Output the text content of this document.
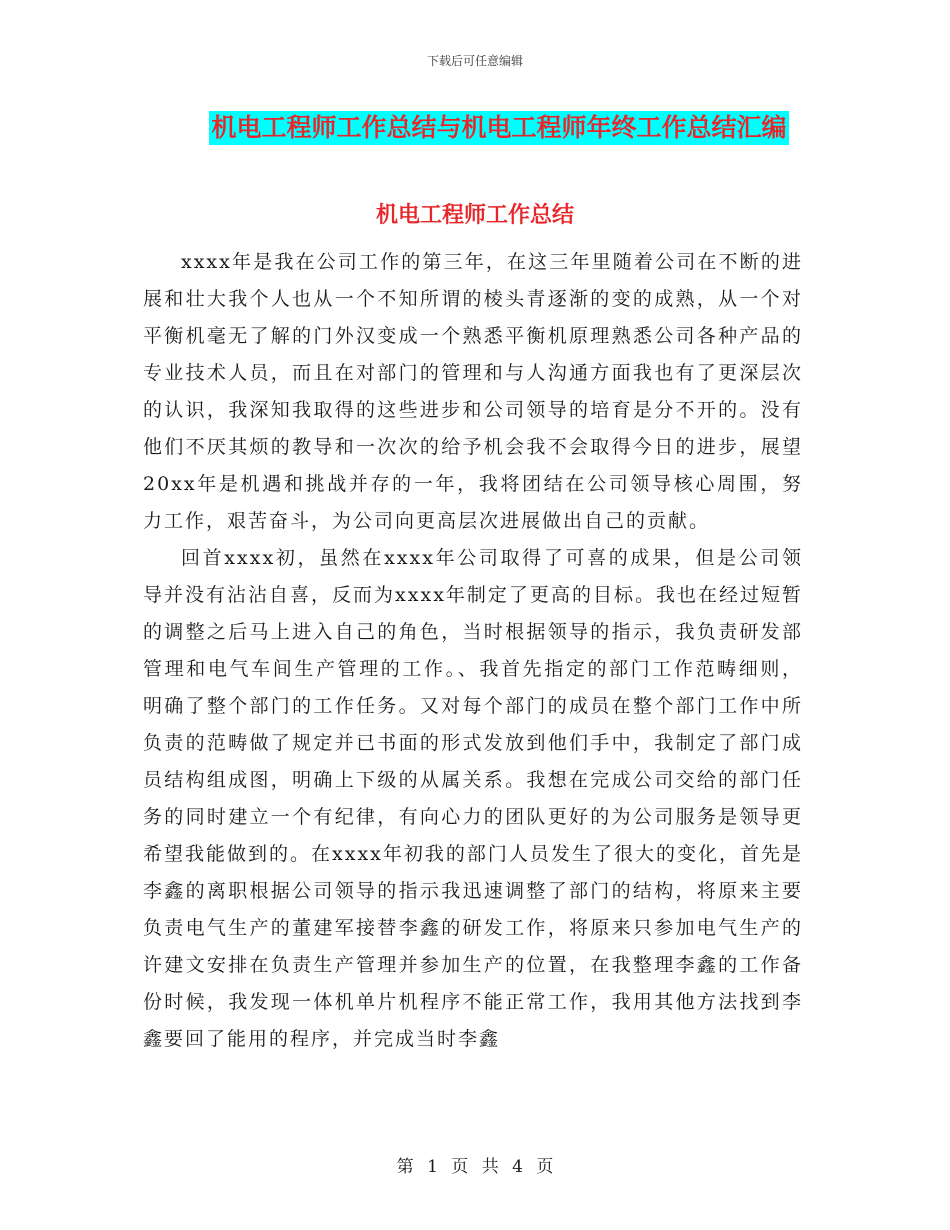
下载后可任意编辑
机电工程师工作总结与机电工程师年终工作总结汇编
机电工程师工作总结

xxxx年是我在公司工作的第三年，在这三年里随着公司在不断的进展和壮大我个人也从一个不知所谓的棱头青逐渐的变的成熟，从一个对平衡机毫无了解的门外汉变成一个熟悉平衡机原理熟悉公司各种产品的专业技术人员，而且在对部门的管理和与人沟通方面我也有了更深层次的认识，我深知我取得的这些进步和公司领导的培育是分不开的。没有他们不厌其烦的教导和一次次的给予机会我不会取得今日的进步，展望20xx年是机遇和挑战并存的一年，我将团结在公司领导核心周围，努力工作，艰苦奋斗，为公司向更高层次进展做出自己的贡献。

回首xxxx初，虽然在xxxx年公司取得了可喜的成果，但是公司领导并没有沾沾自喜，反而为xxxx年制定了更高的目标。我也在经过短暂的调整之后马上进入自己的角色，当时根据领导的指示，我负责研发部管理和电气车间生产管理的工作。、我首先指定的部门工作范畴细则，明确了整个部门的工作任务。又对每个部门的成员在整个部门工作中所负责的范畴做了规定并已书面的形式发放到他们手中，我制定了部门成员结构组成图，明确上下级的从属关系。我想在完成公司交给的部门任务的同时建立一个有纪律，有向心力的团队更好的为公司服务是领导更希望我能做到的。在xxxx年初我的部门人员发生了很大的变化，首先是李鑫的离职根据公司领导的指示我迅速调整了部门的结构，将原来主要负责电气生产的董建军接替李鑫的研发工作，将原来只参加电气生产的许建文安排在负责生产管理并参加生产的位置，在我整理李鑫的工作备份时候，我发现一体机单片机程序不能正常工作，我用其他方法找到李鑫要回了能用的程序，并完成当时李鑫

第 1 页 共 4 页
